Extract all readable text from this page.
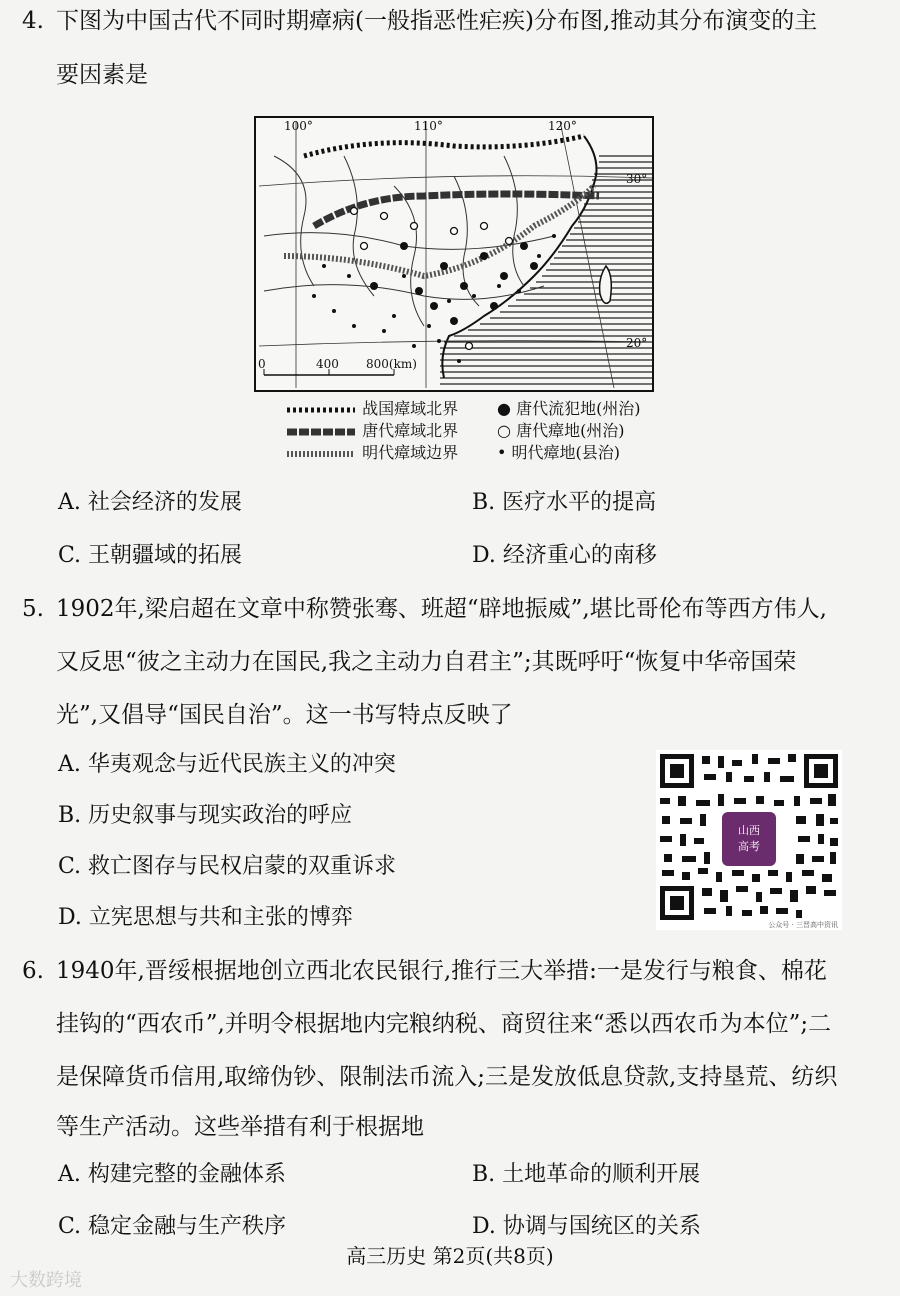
4. 下图为中国古代不同时期瘴病(一般指恶性疟疾)分布图,推动其分布演变的主
要因素是
0	400 800(km)
100°	110°	120°
30°
20°
战国瘴域北界
唐代瘴域北界
明代瘴域边界
● 唐代流犯地(州治)
○ 唐代瘴地(州治)
• 明代瘴地(县治)
A. 社会经济的发展	B. 医疗水平的提高
C. 王朝疆域的拓展	D. 经济重心的南移
5. 1902年,梁启超在文章中称赞张骞、班超“辟地振威”,堪比哥伦布等西方伟人,
又反思“彼之主动力在国民,我之主动力自君主”;其既呼吁“恢复中华帝国荣
光”,又倡导“国民自治”。这一书写特点反映了
A. 华夷观念与近代民族主义的冲突
B. 历史叙事与现实政治的呼应
C. 救亡图存与民权启蒙的双重诉求
D. 立宪思想与共和主张的博弈
山西
高考
公众号 · 三晋高中资讯
6. 1940年,晋绥根据地创立西北农民银行,推行三大举措:一是发行与粮食、棉花
挂钩的“西农币”,并明令根据地内完粮纳税、商贸往来“悉以西农币为本位”;二
是保障货币信用,取缔伪钞、限制法币流入;三是发放低息贷款,支持垦荒、纺织
等生产活动。这些举措有利于根据地
A. 构建完整的金融体系	B. 土地革命的顺利开展
C. 稳定金融与生产秩序	D. 协调与国统区的关系
高三历史 第2页(共8页)
大数跨境
